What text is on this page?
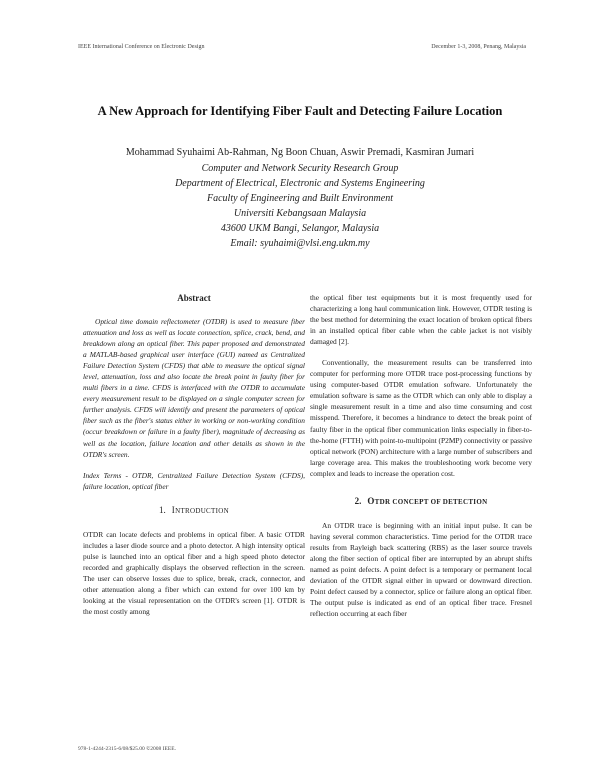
IEEE International Conference on Electronic Design	December 1-3, 2008, Penang, Malaysia
A New Approach for Identifying Fiber Fault and Detecting Failure Location

Mohammad Syuhaimi Ab-Rahman, Ng Boon Chuan, Aswir Premadi, Kasmiran Jumari

Computer and Network Security Research Group

Department of Electrical, Electronic and Systems Engineering

Faculty of Engineering and Built Environment

Universiti Kebangsaan Malaysia

43600 UKM Bangi, Selangor, Malaysia

Email: syuhaimi@vlsi.eng.ukm.my

Abstract

Optical time domain reflectometer (OTDR) is used to measure fiber attenuation and loss as well as locate connection, splice, crack, bend, and breakdown along an optical fiber. This paper proposed and demonstrated a MATLAB-based graphical user interface (GUI) named as Centralized Failure Detection System (CFDS) that able to measure the optical signal level, attenuation, loss and also locate the break point in faulty fiber for multi fibers in a time. CFDS is interfaced with the OTDR to accumulate every measurement result to be displayed on a single computer screen for further analysis. CFDS will identify and present the parameters of optical fiber such as the fiber's status either in working or non-working condition (occur breakdown or failure in a faulty fiber), magnitude of decreasing as well as the location, failure location and other details as shown in the OTDR's screen.

Index Terms - OTDR, Centralized Failure Detection System (CFDS), failure location, optical fiber

1. INTRODUCTION

OTDR can locate defects and problems in optical fiber. A basic OTDR includes a laser diode source and a photo detector. A high intensity optical pulse is launched into an optical fiber and a high speed photo detector recorded and graphically displays the observed reflection in the screen. The user can observe losses due to splice, break, crack, connector, and other attenuation along a fiber which can extend for over 100 km by looking at the visual representation on the OTDR's screen [1]. OTDR is the most costly among

the optical fiber test equipments but it is most frequently used for characterizing a long haul communication link. However, OTDR testing is the best method for determining the exact location of broken optical fibers in an installed optical fiber cable when the cable jacket is not visibly damaged [2].

Conventionally, the measurement results can be transferred into computer for performing more OTDR trace post-processing functions by using computer-based OTDR emulation software. Unfortunately the emulation software is same as the OTDR which can only able to display a single measurement result in a time and also time consuming and cost misspend. Therefore, it becomes a hindrance to detect the break point of faulty fiber in the optical fiber communication links especially in fiber-to-the-home (FTTH) with point-to-multipoint (P2MP) connectivity or passive optical network (PON) architecture with a large number of subscribers and large coverage area. This makes the troubleshooting work become very complex and leads to increase the operation cost.

2. OTDR CONCEPT OF DETECTION

An OTDR trace is beginning with an initial input pulse. It can be having several common characteristics. Time period for the OTDR trace results from Rayleigh back scattering (RBS) as the laser source travels along the fiber section of optical fiber are interrupted by an abrupt shifts named as point defects. A point defect is a temporary or permanent local deviation of the OTDR signal either in upward or downward direction. Point defect caused by a connector, splice or failure along an optical fiber. The output pulse is indicated as end of an optical fiber trace. Fresnel reflection occurring at each fiber

978-1-4244-2315-6/08/$25.00 ©2008 IEEE.
